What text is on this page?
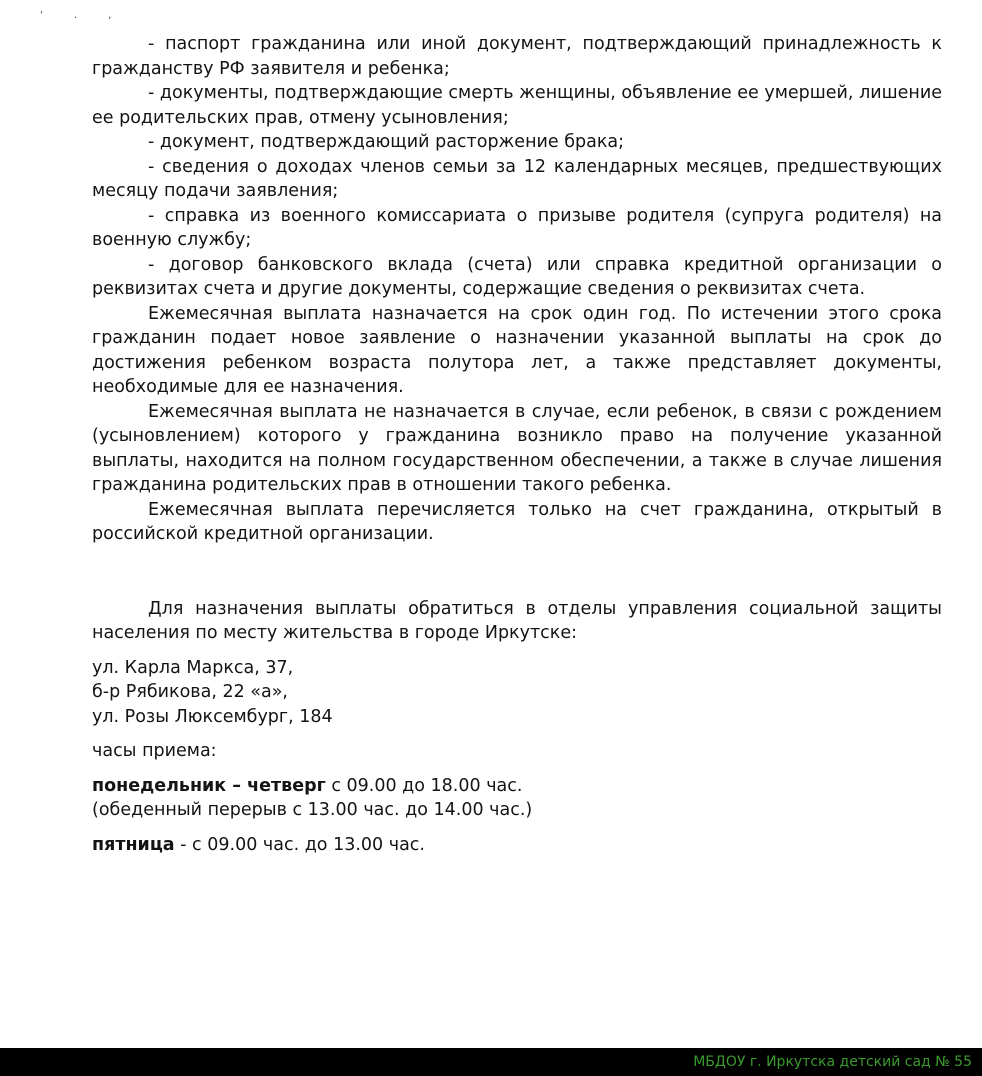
' . ,

- паспорт гражданина или иной документ, подтверждающий принадлежность к гражданству РФ заявителя и ребенка;

- документы, подтверждающие смерть женщины, объявление ее умершей, лишение ее родительских прав, отмену усыновления;

- документ, подтверждающий расторжение брака;

- сведения о доходах членов семьи за 12 календарных месяцев, предшествующих месяцу подачи заявления;

- справка из военного комиссариата о призыве родителя (супруга родителя) на военную службу;

- договор банковского вклада (счета) или справка кредитной организации о реквизитах счета и другие документы, содержащие сведения о реквизитах счета.

Ежемесячная выплата назначается на срок один год. По истечении этого срока гражданин подает новое заявление о назначении указанной выплаты на срок до достижения ребенком возраста полутора лет, а также представляет документы, необходимые для ее назначения.

Ежемесячная выплата не назначается в случае, если ребенок, в связи с рождением (усыновлением) которого у гражданина возникло право на получение указанной выплаты, находится на полном государственном обеспечении, а также в случае лишения гражданина родительских прав в отношении такого ребенка.

Ежемесячная выплата перечисляется только на счет гражданина, открытый в российской кредитной организации.

Для назначения выплаты обратиться в отделы управления социальной защиты населения по месту жительства в городе Иркутске:

ул. Карла Маркса, 37,

б-р Рябикова, 22 «а»,

ул. Розы Люксембург, 184

часы приема:

понедельник – четверг с 09.00 до 18.00 час.

(обеденный перерыв с 13.00 час. до 14.00 час.)

пятница - с 09.00 час. до 13.00 час.

МБДОУ г. Иркутска детский сад № 55
